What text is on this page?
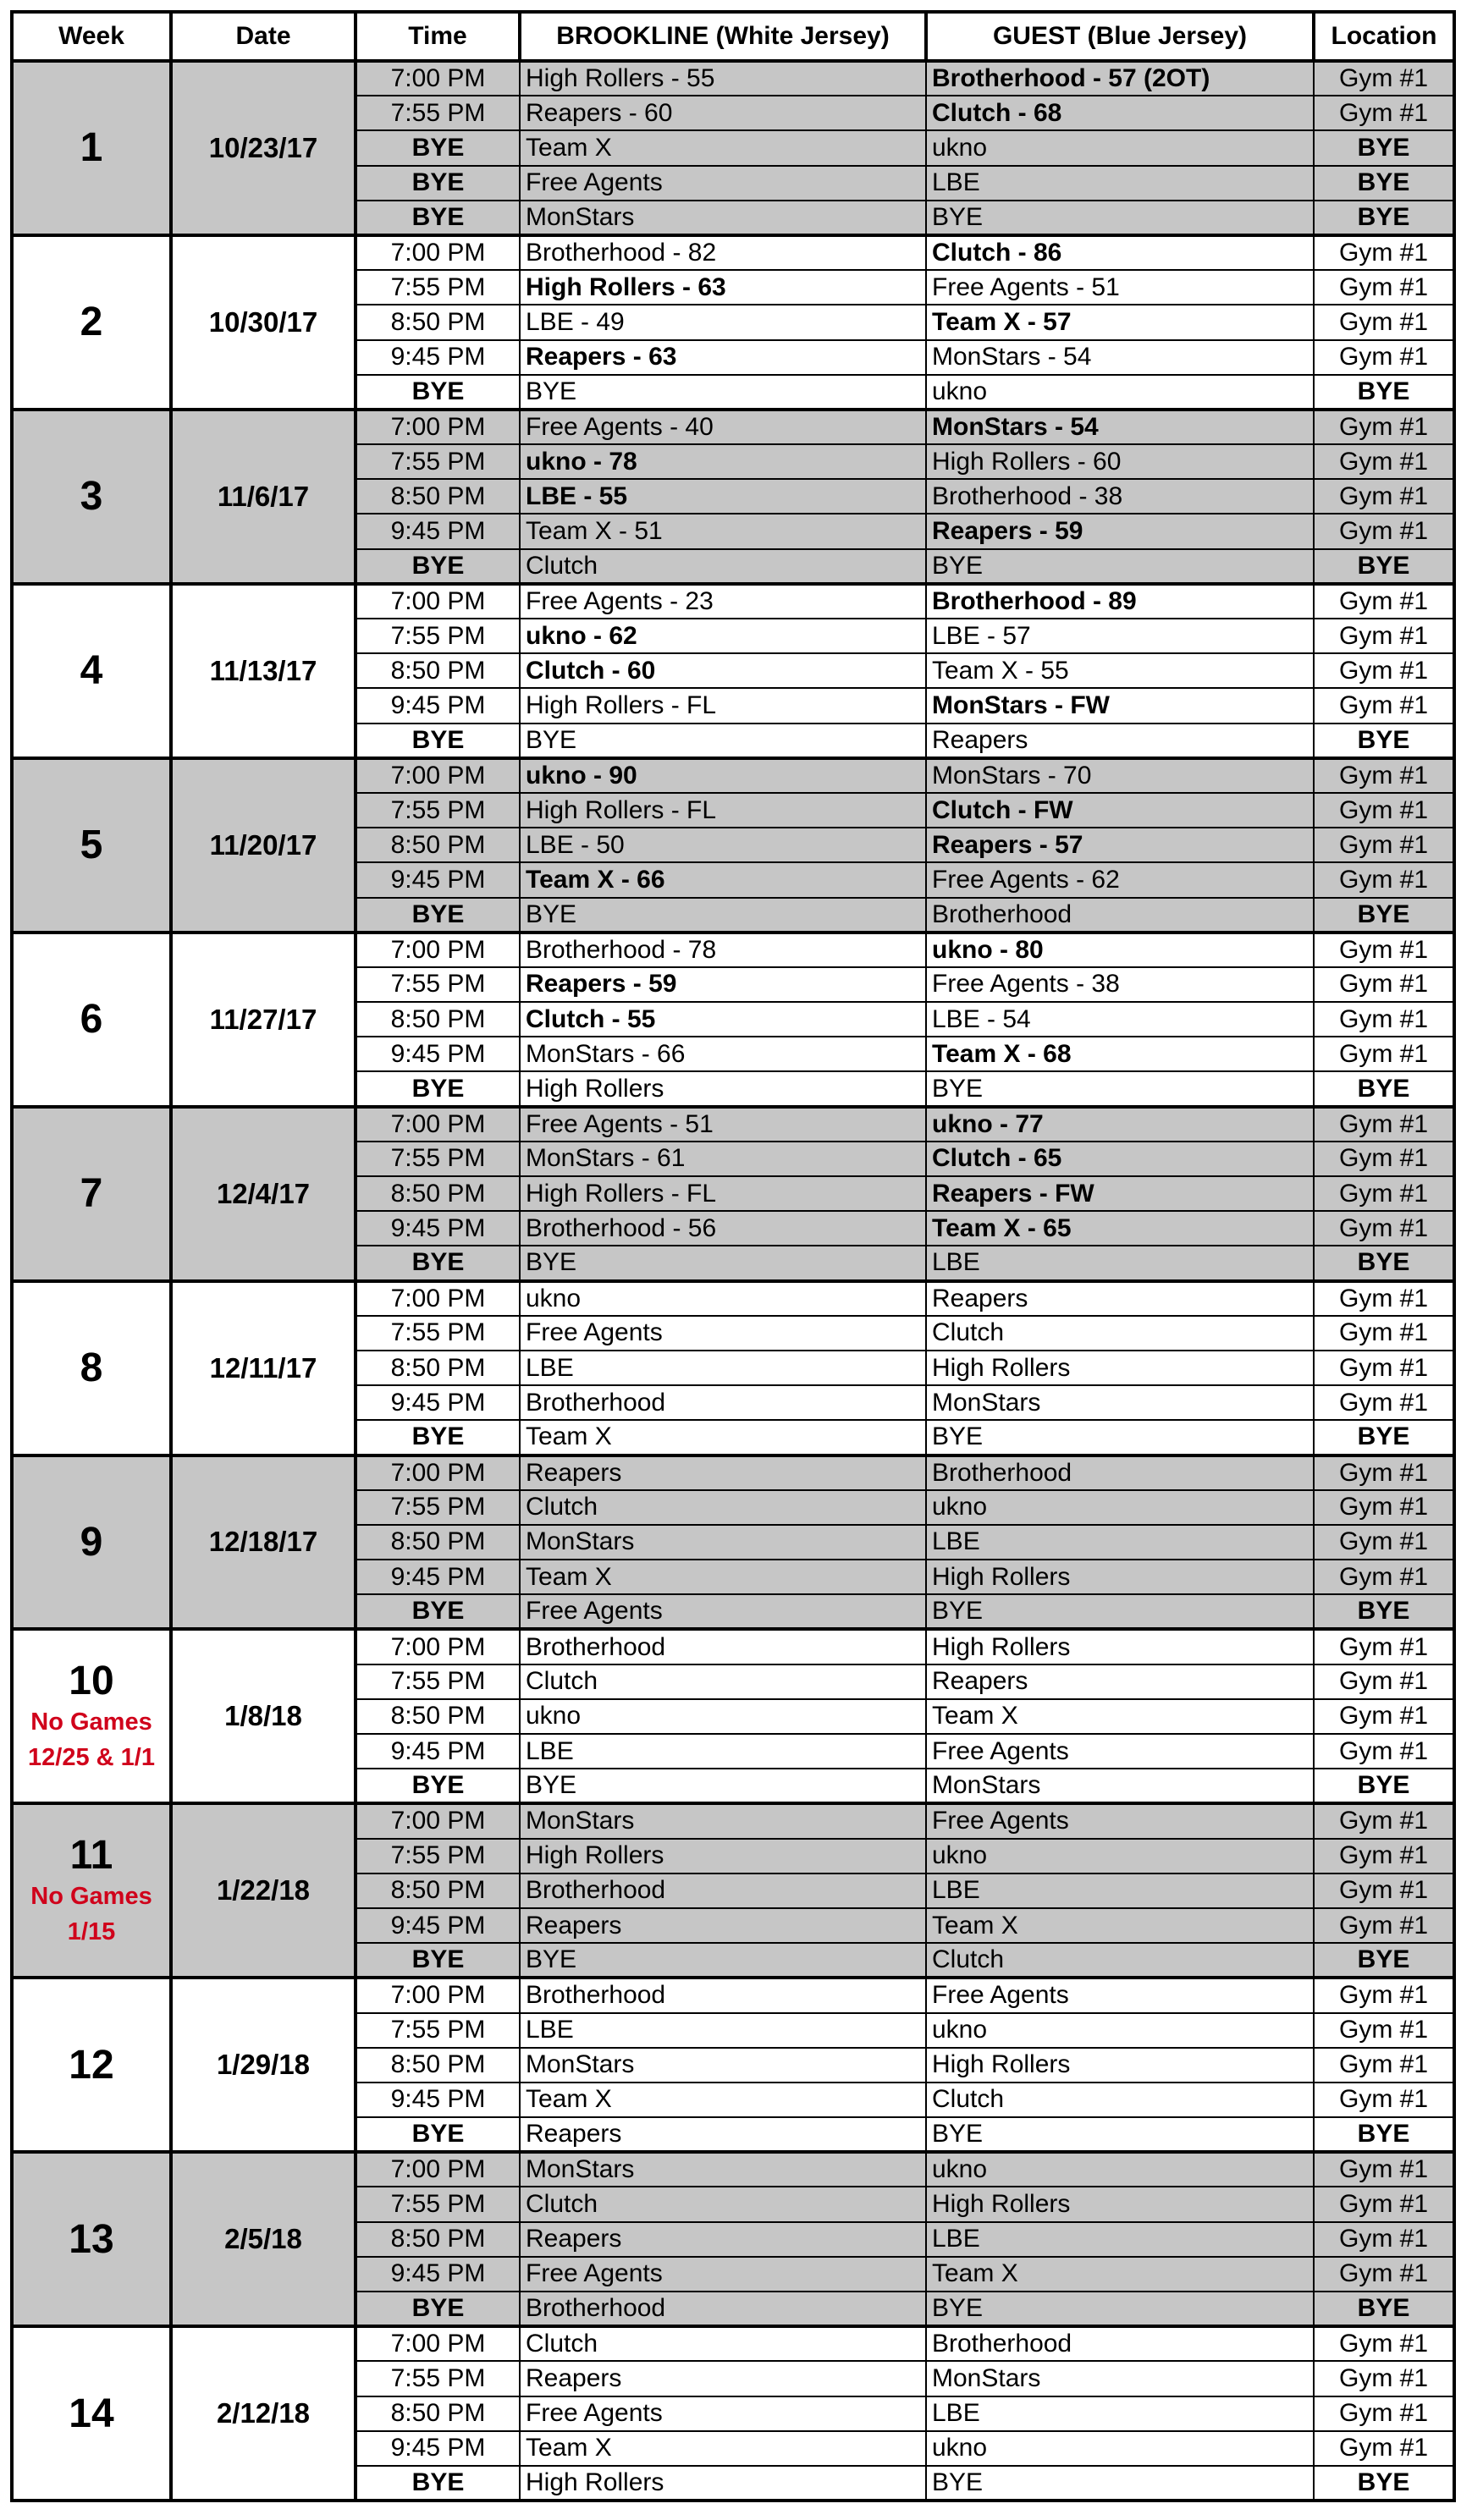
Week	Date	Time	BROOKLINE (White Jersey)	GUEST (Blue Jersey)	Location

1	10/23/17	7:00 PM	High Rollers - 55	Brotherhood - 57 (2OT)	Gym #1
		7:55 PM	Reapers - 60	Clutch - 68	Gym #1
		BYE	Team X	ukno	BYE
		BYE	Free Agents	LBE	BYE
		BYE	MonStars	BYE	BYE

2	10/30/17	7:00 PM	Brotherhood - 82	Clutch - 86	Gym #1
		7:55 PM	High Rollers - 63	Free Agents - 51	Gym #1
		8:50 PM	LBE - 49	Team X - 57	Gym #1
		9:45 PM	Reapers - 63	MonStars - 54	Gym #1
		BYE	BYE	ukno	BYE

3	11/6/17	7:00 PM	Free Agents - 40	MonStars - 54	Gym #1
		7:55 PM	ukno - 78	High Rollers - 60	Gym #1
		8:50 PM	LBE - 55	Brotherhood - 38	Gym #1
		9:45 PM	Team X - 51	Reapers - 59	Gym #1
		BYE	Clutch	BYE	BYE

4	11/13/17	7:00 PM	Free Agents - 23	Brotherhood - 89	Gym #1
		7:55 PM	ukno - 62	LBE - 57	Gym #1
		8:50 PM	Clutch - 60	Team X - 55	Gym #1
		9:45 PM	High Rollers - FL	MonStars - FW	Gym #1
		BYE	BYE	Reapers	BYE

5	11/20/17	7:00 PM	ukno - 90	MonStars - 70	Gym #1
		7:55 PM	High Rollers - FL	Clutch - FW	Gym #1
		8:50 PM	LBE - 50	Reapers - 57	Gym #1
		9:45 PM	Team X - 66	Free Agents - 62	Gym #1
		BYE	BYE	Brotherhood	BYE

6	11/27/17	7:00 PM	Brotherhood - 78	ukno - 80	Gym #1
		7:55 PM	Reapers - 59	Free Agents - 38	Gym #1
		8:50 PM	Clutch - 55	LBE - 54	Gym #1
		9:45 PM	MonStars - 66	Team X - 68	Gym #1
		BYE	High Rollers	BYE	BYE

7	12/4/17	7:00 PM	Free Agents - 51	ukno - 77	Gym #1
		7:55 PM	MonStars - 61	Clutch - 65	Gym #1
		8:50 PM	High Rollers - FL	Reapers - FW	Gym #1
		9:45 PM	Brotherhood - 56	Team X - 65	Gym #1
		BYE	BYE	LBE	BYE

8	12/11/17	7:00 PM	ukno	Reapers	Gym #1
		7:55 PM	Free Agents	Clutch	Gym #1
		8:50 PM	LBE	High Rollers	Gym #1
		9:45 PM	Brotherhood	MonStars	Gym #1
		BYE	Team X	BYE	BYE

9	12/18/17	7:00 PM	Reapers	Brotherhood	Gym #1
		7:55 PM	Clutch	ukno	Gym #1
		8:50 PM	MonStars	LBE	Gym #1
		9:45 PM	Team X	High Rollers	Gym #1
		BYE	Free Agents	BYE	BYE

10
No Games
12/25 & 1/1	1/8/18	7:00 PM	Brotherhood	High Rollers	Gym #1
		7:55 PM	Clutch	Reapers	Gym #1
		8:50 PM	ukno	Team X	Gym #1
		9:45 PM	LBE	Free Agents	Gym #1
		BYE	BYE	MonStars	BYE

11
No Games
1/15	1/22/18	7:00 PM	MonStars	Free Agents	Gym #1
		7:55 PM	High Rollers	ukno	Gym #1
		8:50 PM	Brotherhood	LBE	Gym #1
		9:45 PM	Reapers	Team X	Gym #1
		BYE	BYE	Clutch	BYE

12	1/29/18	7:00 PM	Brotherhood	Free Agents	Gym #1
		7:55 PM	LBE	ukno	Gym #1
		8:50 PM	MonStars	High Rollers	Gym #1
		9:45 PM	Team X	Clutch	Gym #1
		BYE	Reapers	BYE	BYE

13	2/5/18	7:00 PM	MonStars	ukno	Gym #1
		7:55 PM	Clutch	High Rollers	Gym #1
		8:50 PM	Reapers	LBE	Gym #1
		9:45 PM	Free Agents	Team X	Gym #1
		BYE	Brotherhood	BYE	BYE

14	2/12/18	7:00 PM	Clutch	Brotherhood	Gym #1
		7:55 PM	Reapers	MonStars	Gym #1
		8:50 PM	Free Agents	LBE	Gym #1
		9:45 PM	Team X	ukno	Gym #1
		BYE	High Rollers	BYE	BYE
